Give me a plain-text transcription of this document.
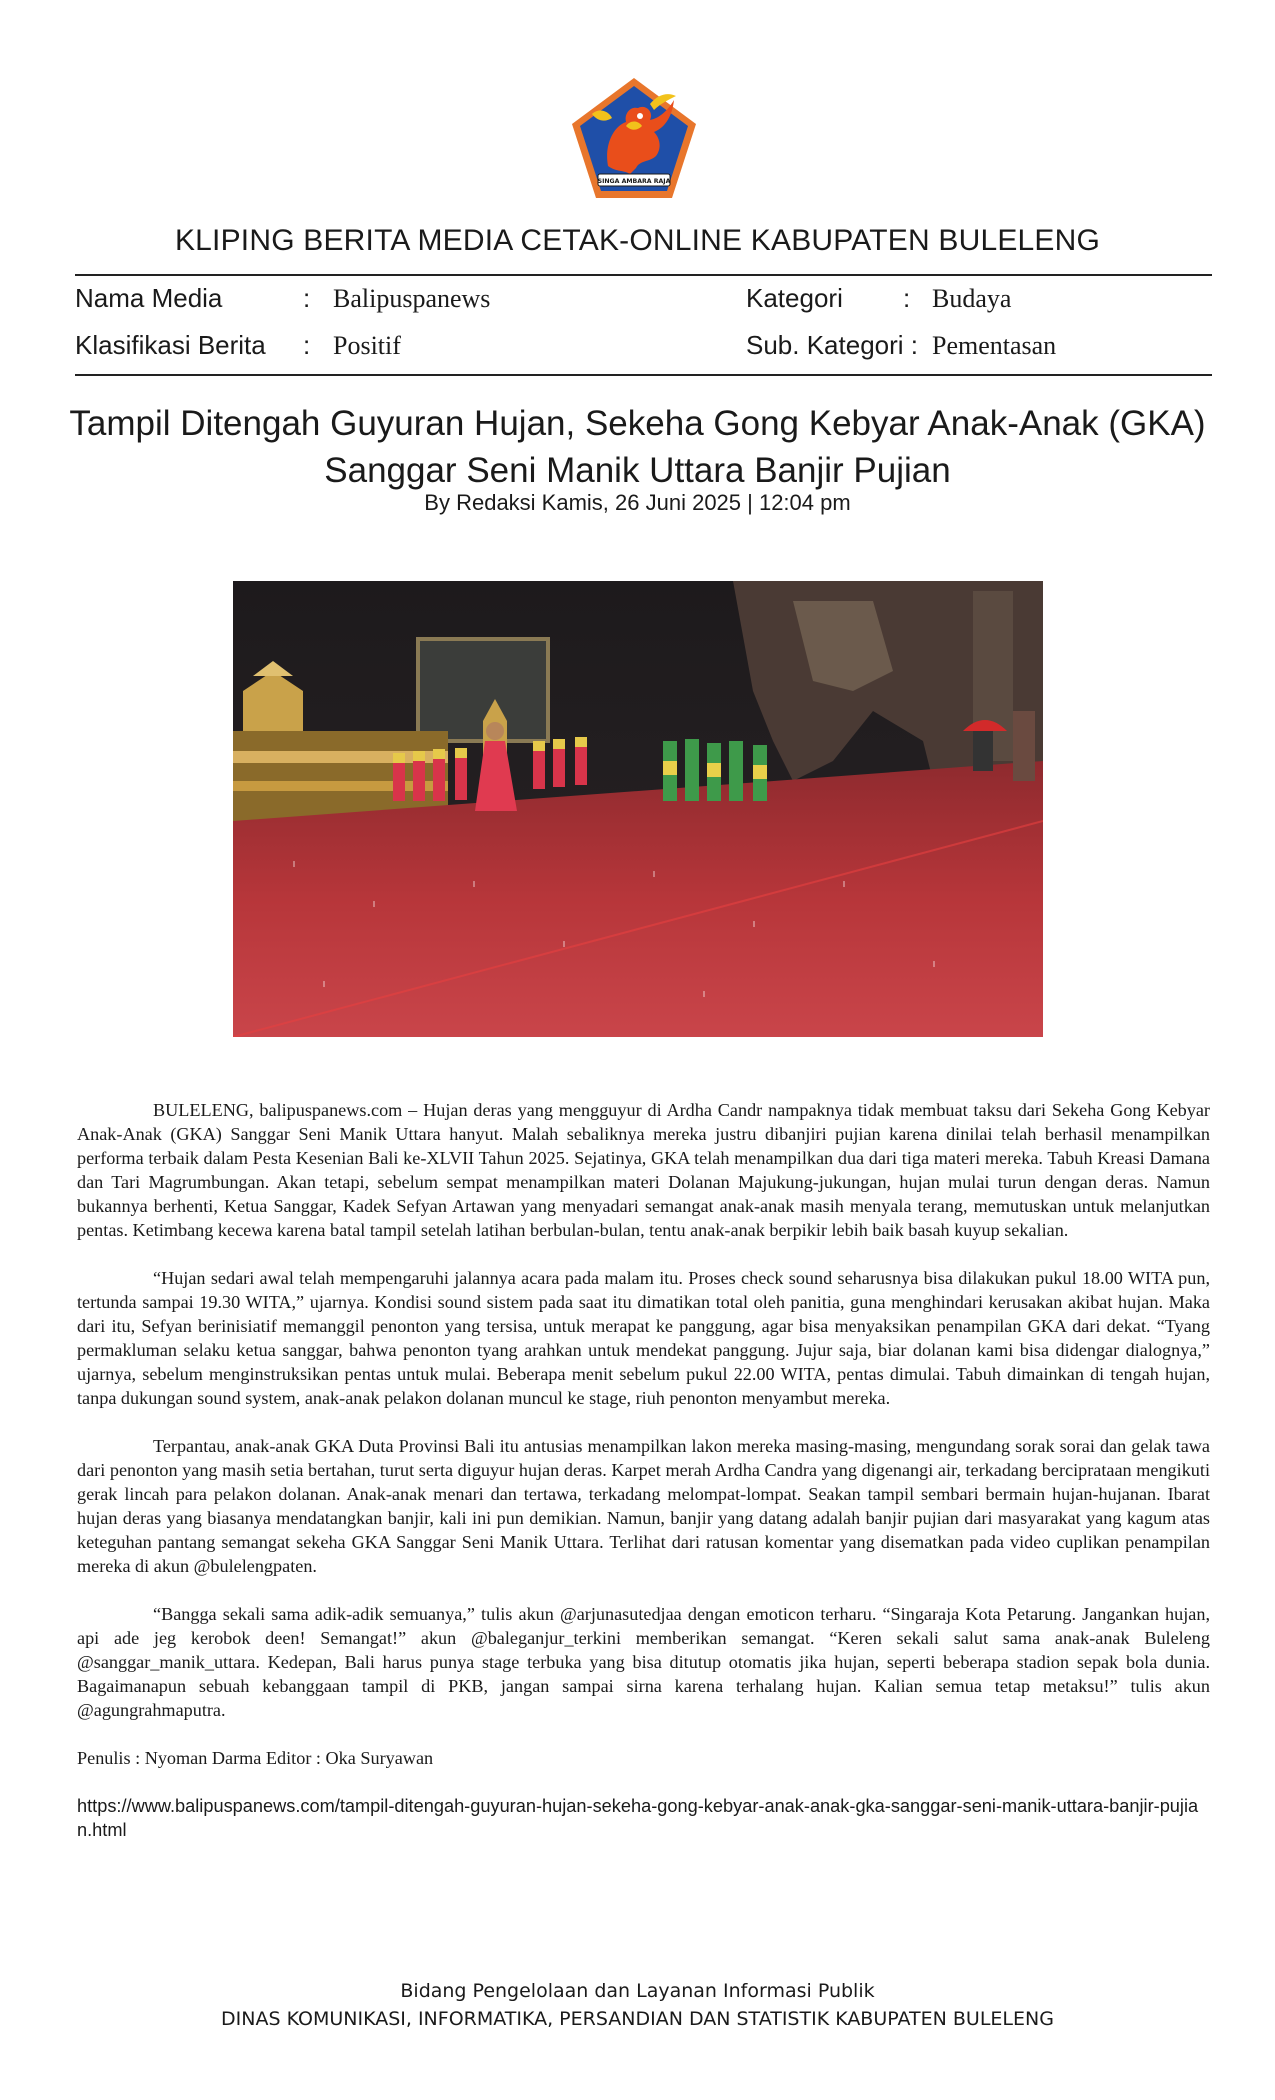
SINGA AMBARA RAJA
KLIPING BERITA MEDIA CETAK-ONLINE KABUPATEN BULELENG
Nama Media	: Balipuspanews	Kategori : Budaya
Klasifikasi Berita : Positif	Sub. Kategori : Pementasan
Tampil Ditengah Guyuran Hujan, Sekeha Gong Kebyar Anak-Anak (GKA)
Sanggar Seni Manik Uttara Banjir Pujian
By Redaksi Kamis, 26 Juni 2025 | 12:04 pm

BULELENG, balipuspanews.com – Hujan deras yang mengguyur di Ardha Candr nampaknya tidak membuat taksu dari Sekeha Gong Kebyar Anak-Anak (GKA) Sanggar Seni Manik Uttara hanyut. Malah sebaliknya mereka justru dibanjiri pujian karena dinilai telah berhasil menampilkan performa terbaik dalam Pesta Kesenian Bali ke-XLVII Tahun 2025. Sejatinya, GKA telah menampilkan dua dari tiga materi mereka. Tabuh Kreasi Damana dan Tari Magrumbungan. Akan tetapi, sebelum sempat menampilkan materi Dolanan Majukung-jukungan, hujan mulai turun dengan deras. Namun bukannya berhenti, Ketua Sanggar, Kadek Sefyan Artawan yang menyadari semangat anak-anak masih menyala terang, memutuskan untuk melanjutkan pentas. Ketimbang kecewa karena batal tampil setelah latihan berbulan-bulan, tentu anak-anak berpikir lebih baik basah kuyup sekalian.

“Hujan sedari awal telah mempengaruhi jalannya acara pada malam itu. Proses check sound seharusnya bisa dilakukan pukul 18.00 WITA pun, tertunda sampai 19.30 WITA,” ujarnya. Kondisi sound sistem pada saat itu dimatikan total oleh panitia, guna menghindari kerusakan akibat hujan. Maka dari itu, Sefyan berinisiatif memanggil penonton yang tersisa, untuk merapat ke panggung, agar bisa menyaksikan penampilan GKA dari dekat. “Tyang permakluman selaku ketua sanggar, bahwa penonton tyang arahkan untuk mendekat panggung. Jujur saja, biar dolanan kami bisa didengar dialognya,” ujarnya, sebelum menginstruksikan pentas untuk mulai. Beberapa menit sebelum pukul 22.00 WITA, pentas dimulai. Tabuh dimainkan di tengah hujan, tanpa dukungan sound system, anak-anak pelakon dolanan muncul ke stage, riuh penonton menyambut mereka.

Terpantau, anak-anak GKA Duta Provinsi Bali itu antusias menampilkan lakon mereka masing-masing, mengundang sorak sorai dan gelak tawa dari penonton yang masih setia bertahan, turut serta diguyur hujan deras. Karpet merah Ardha Candra yang digenangi air, terkadang berciprataan mengikuti gerak lincah para pelakon dolanan. Anak-anak menari dan tertawa, terkadang melompat-lompat. Seakan tampil sembari bermain hujan-hujanan. Ibarat hujan deras yang biasanya mendatangkan banjir, kali ini pun demikian. Namun, banjir yang datang adalah banjir pujian dari masyarakat yang kagum atas keteguhan pantang semangat sekeha GKA Sanggar Seni Manik Uttara. Terlihat dari ratusan komentar yang disematkan pada video cuplikan penampilan mereka di akun @bulelengpaten.

“Bangga sekali sama adik-adik semuanya,” tulis akun @arjunasutedjaa dengan emoticon terharu. “Singaraja Kota Petarung. Jangankan hujan, api ade jeg kerobok deen! Semangat!” akun @baleganjur_terkini memberikan semangat. “Keren sekali salut sama anak-anak Buleleng @sanggar_manik_uttara. Kedepan, Bali harus punya stage terbuka yang bisa ditutup otomatis jika hujan, seperti beberapa stadion sepak bola dunia. Bagaimanapun sebuah kebanggaan tampil di PKB, jangan sampai sirna karena terhalang hujan. Kalian semua tetap metaksu!” tulis akun @agungrahmaputra.

Penulis : Nyoman Darma Editor : Oka Suryawan

https://www.balipuspanews.com/tampil-ditengah-guyuran-hujan-sekeha-gong-kebyar-anak-anak-gka-sanggar-seni-manik-uttara-banjir-pujian.html
Bidang Pengelolaan dan Layanan Informasi Publik
DINAS KOMUNIKASI, INFORMATIKA, PERSANDIAN DAN STATISTIK KABUPATEN BULELENG
